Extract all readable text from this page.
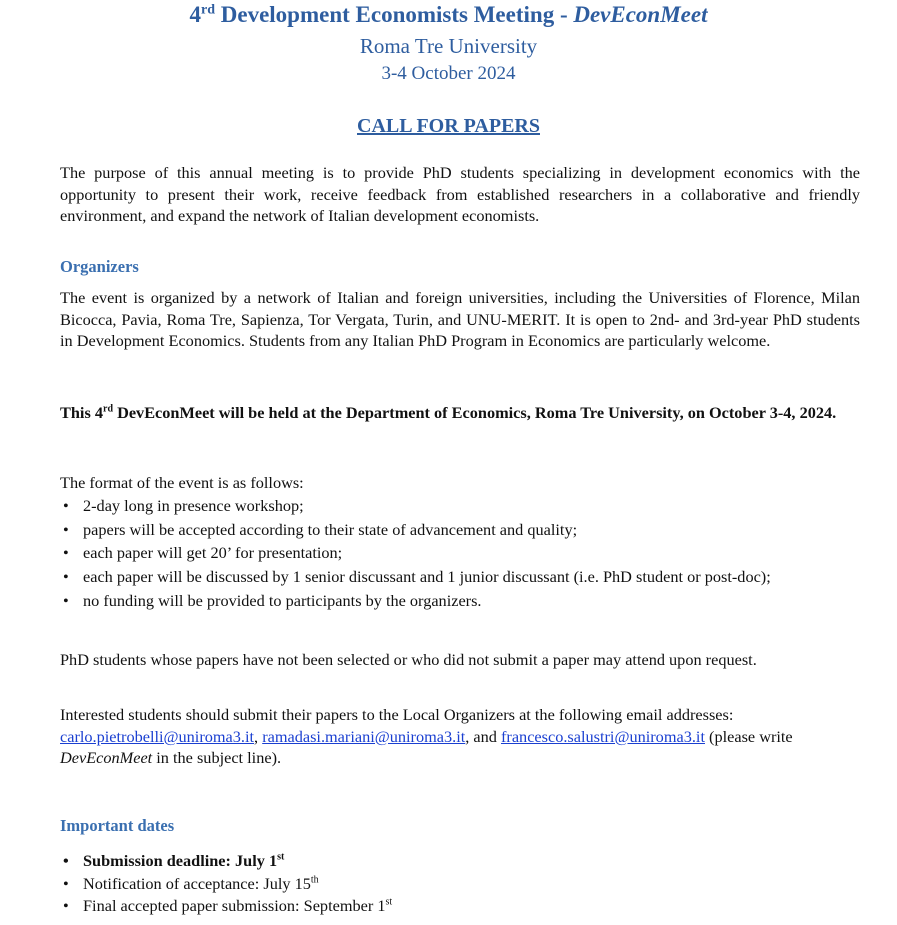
4rd Development Economists Meeting - DevEconMeet
Roma Tre University
3-4 October 2024
CALL FOR PAPERS
The purpose of this annual meeting is to provide PhD students specializing in development economics with the opportunity to present their work, receive feedback from established researchers in a collaborative and friendly environment, and expand the network of Italian development economists.
Organizers
The event is organized by a network of Italian and foreign universities, including the Universities of Florence, Milan Bicocca, Pavia, Roma Tre, Sapienza, Tor Vergata, Turin, and UNU-MERIT. It is open to 2nd- and 3rd-year PhD students in Development Economics. Students from any Italian PhD Program in Economics are particularly welcome.
This 4rd DevEconMeet will be held at the Department of Economics, Roma Tre University, on October 3-4, 2024.
The format of the event is as follows:
• 2-day long in presence workshop;
• papers will be accepted according to their state of advancement and quality;
• each paper will get 20’ for presentation;
• each paper will be discussed by 1 senior discussant and 1 junior discussant (i.e. PhD student or post-doc);
• no funding will be provided to participants by the organizers.
PhD students whose papers have not been selected or who did not submit a paper may attend upon request.
Interested students should submit their papers to the Local Organizers at the following email addresses: carlo.pietrobelli@uniroma3.it, ramadasi.mariani@uniroma3.it, and francesco.salustri@uniroma3.it (please write DevEconMeet in the subject line).
Important dates
• Submission deadline: July 1st
• Notification of acceptance: July 15th
• Final accepted paper submission: September 1st
